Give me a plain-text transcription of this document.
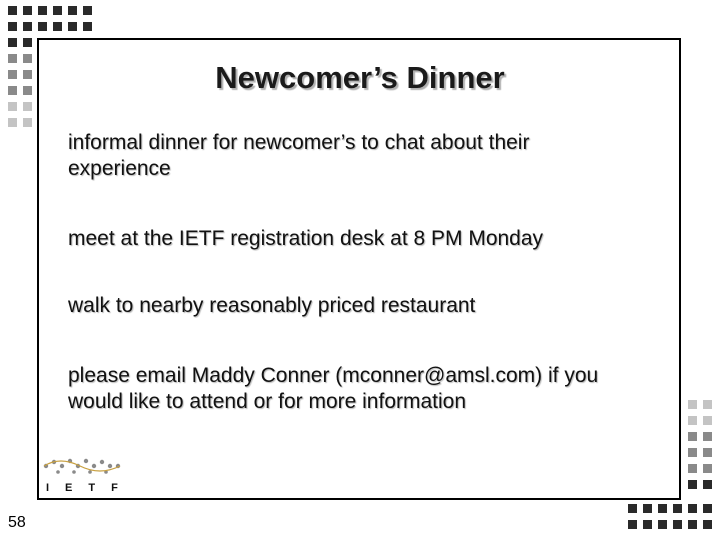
Newcomer’s Dinner
informal dinner for newcomer’s to chat about their
experience
meet at the IETF registration desk at 8 PM Monday
walk to nearby reasonably priced restaurant
please email Maddy Conner (mconner@amsl.com) if you
would like to attend or for more information
IETF
58
